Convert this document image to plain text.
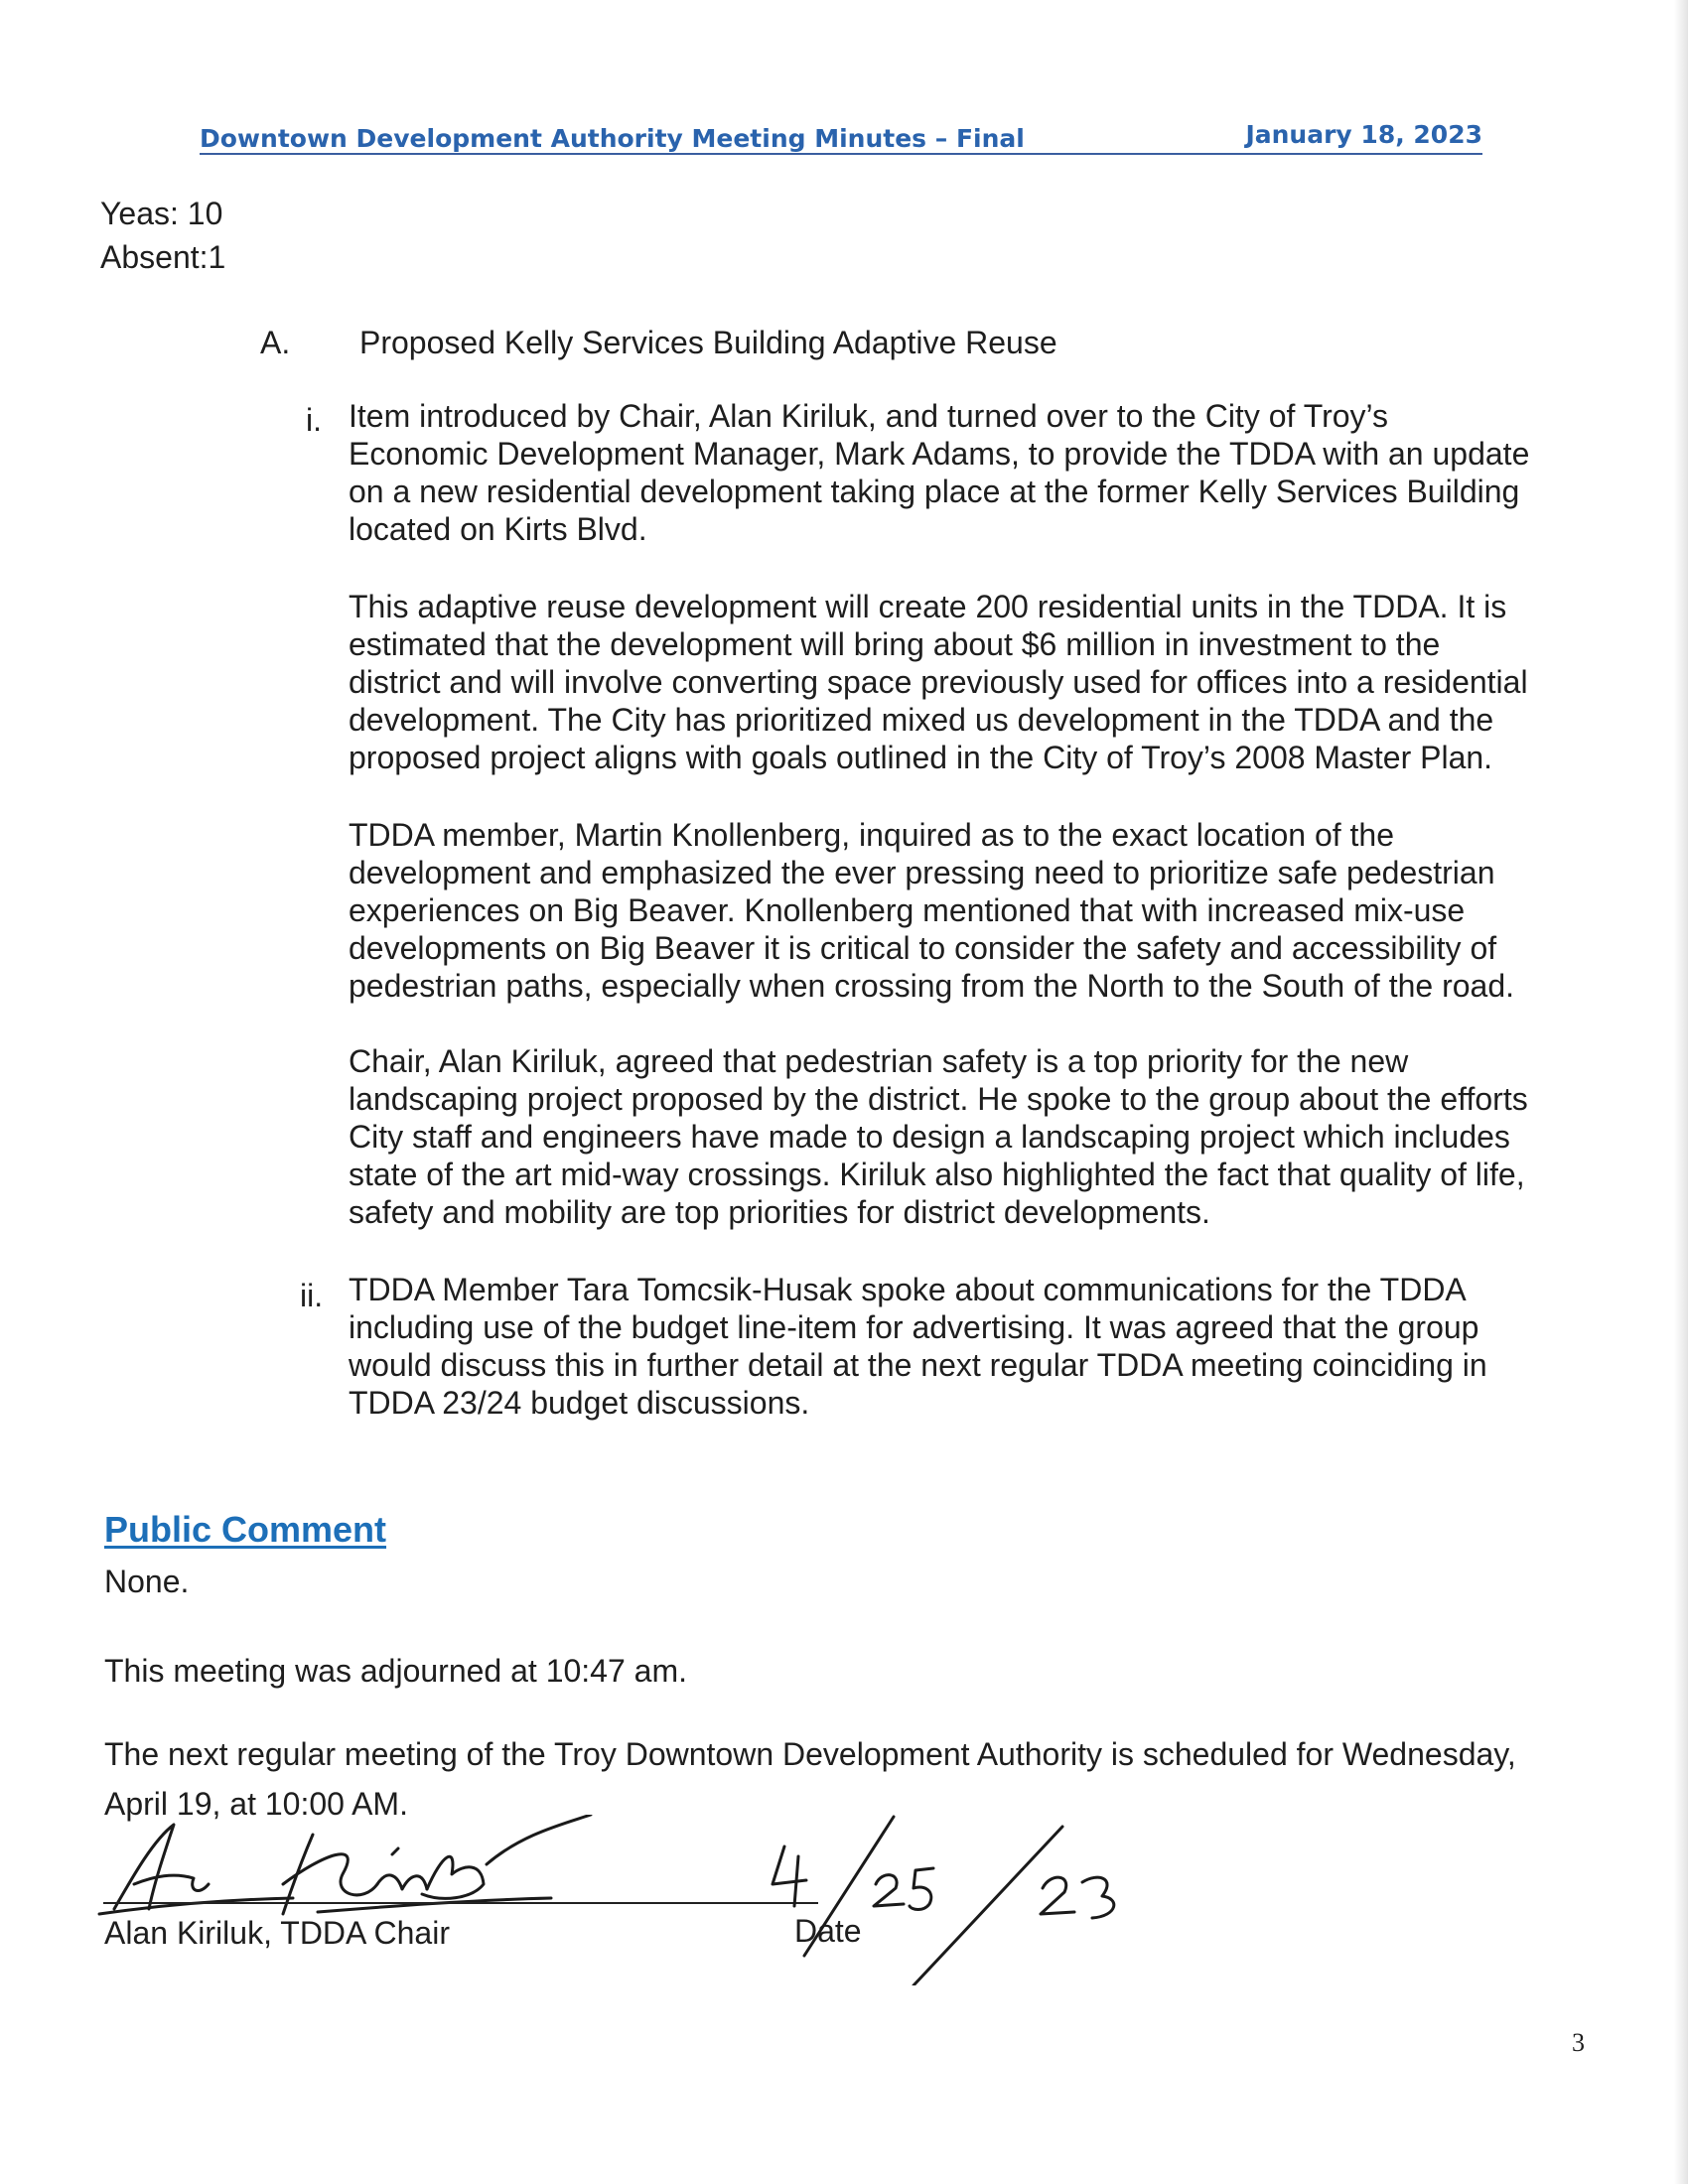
Downtown Development Authority Meeting Minutes – Final	January 18, 2023
Yeas: 10
Absent:1
A. Proposed Kelly Services Building Adaptive Reuse
i. Item introduced by Chair, Alan Kiriluk, and turned over to the City of Troy’s
Economic Development Manager, Mark Adams, to provide the TDDA with an update
on a new residential development taking place at the former Kelly Services Building
located on Kirts Blvd.
This adaptive reuse development will create 200 residential units in the TDDA. It is
estimated that the development will bring about $6 million in investment to the
district and will involve converting space previously used for offices into a residential
development. The City has prioritized mixed us development in the TDDA and the
proposed project aligns with goals outlined in the City of Troy’s 2008 Master Plan.
TDDA member, Martin Knollenberg, inquired as to the exact location of the
development and emphasized the ever pressing need to prioritize safe pedestrian
experiences on Big Beaver. Knollenberg mentioned that with increased mix-use
developments on Big Beaver it is critical to consider the safety and accessibility of
pedestrian paths, especially when crossing from the North to the South of the road.
Chair, Alan Kiriluk, agreed that pedestrian safety is a top priority for the new
landscaping project proposed by the district. He spoke to the group about the efforts
City staff and engineers have made to design a landscaping project which includes
state of the art mid-way crossings. Kiriluk also highlighted the fact that quality of life,
safety and mobility are top priorities for district developments.
ii. TDDA Member Tara Tomcsik-Husak spoke about communications for the TDDA
including use of the budget line-item for advertising. It was agreed that the group
would discuss this in further detail at the next regular TDDA meeting coinciding in
TDDA 23/24 budget discussions.
Public Comment
None.
This meeting was adjourned at 10:47 am.
The next regular meeting of the Troy Downtown Development Authority is scheduled for Wednesday,
April 19, at 10:00 AM.
Alan Kiriluk, TDDA Chair	Date
3
